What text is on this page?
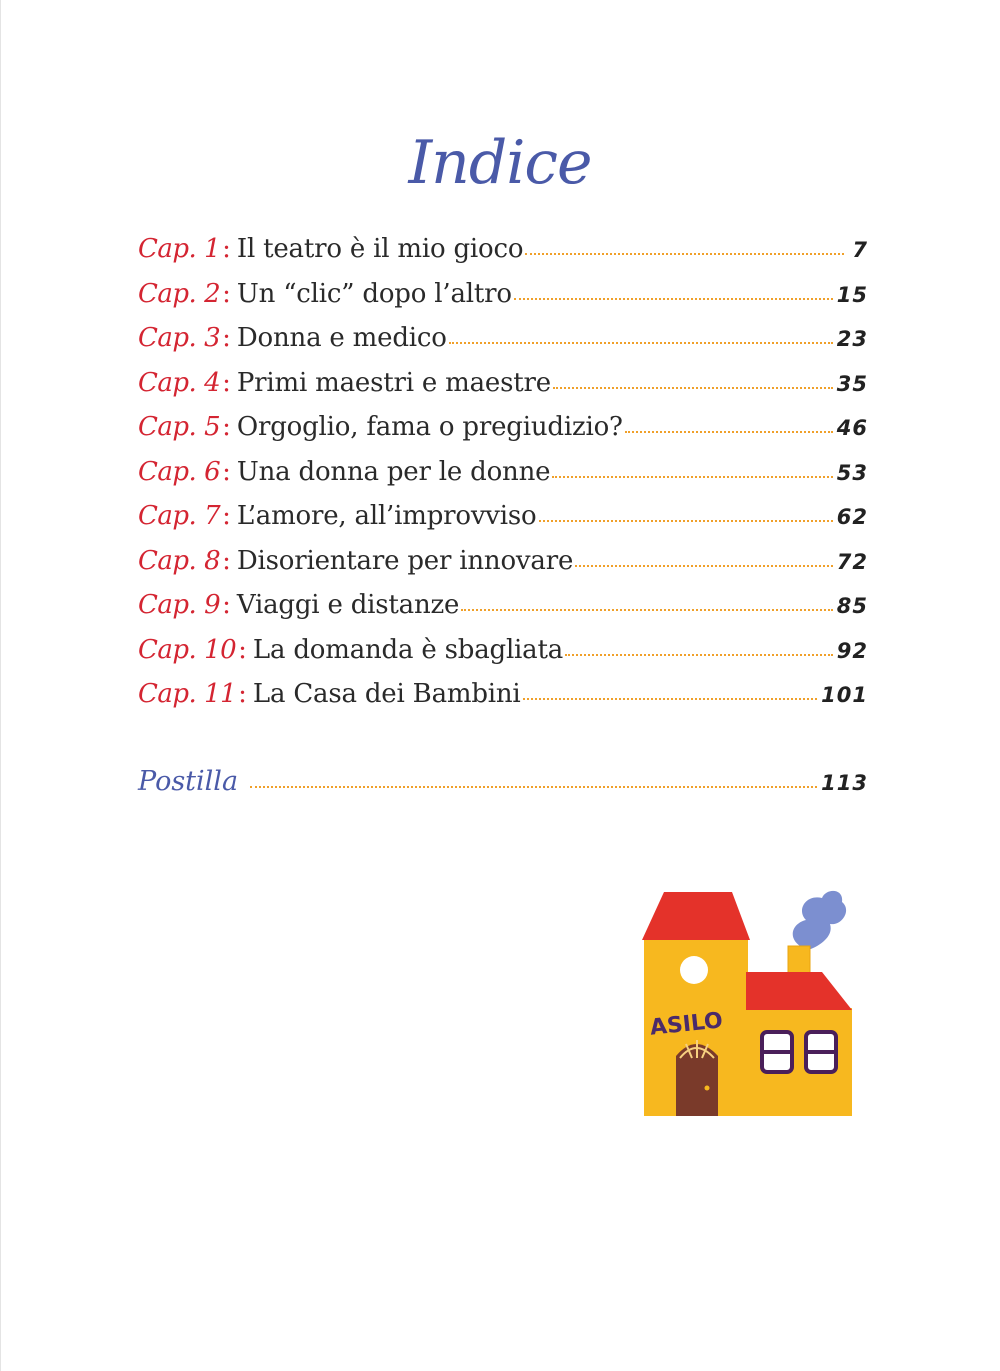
Indice
Cap. 1 : Il teatro è il mio gioco	7
Cap. 2 : Un “clic” dopo l’altro	15
Cap. 3 : Donna e medico	23
Cap. 4 : Primi maestri e maestre	35
Cap. 5 : Orgoglio, fama o pregiudizio?	46
Cap. 6 : Una donna per le donne	53
Cap. 7 : L’amore, all’improvviso	62
Cap. 8 : Disorientare per innovare	72
Cap. 9 : Viaggi e distanze	85
Cap. 10 : La domanda è sbagliata	92
Cap. 11 : La Casa dei Bambini	101
Postilla	113
ASILO
